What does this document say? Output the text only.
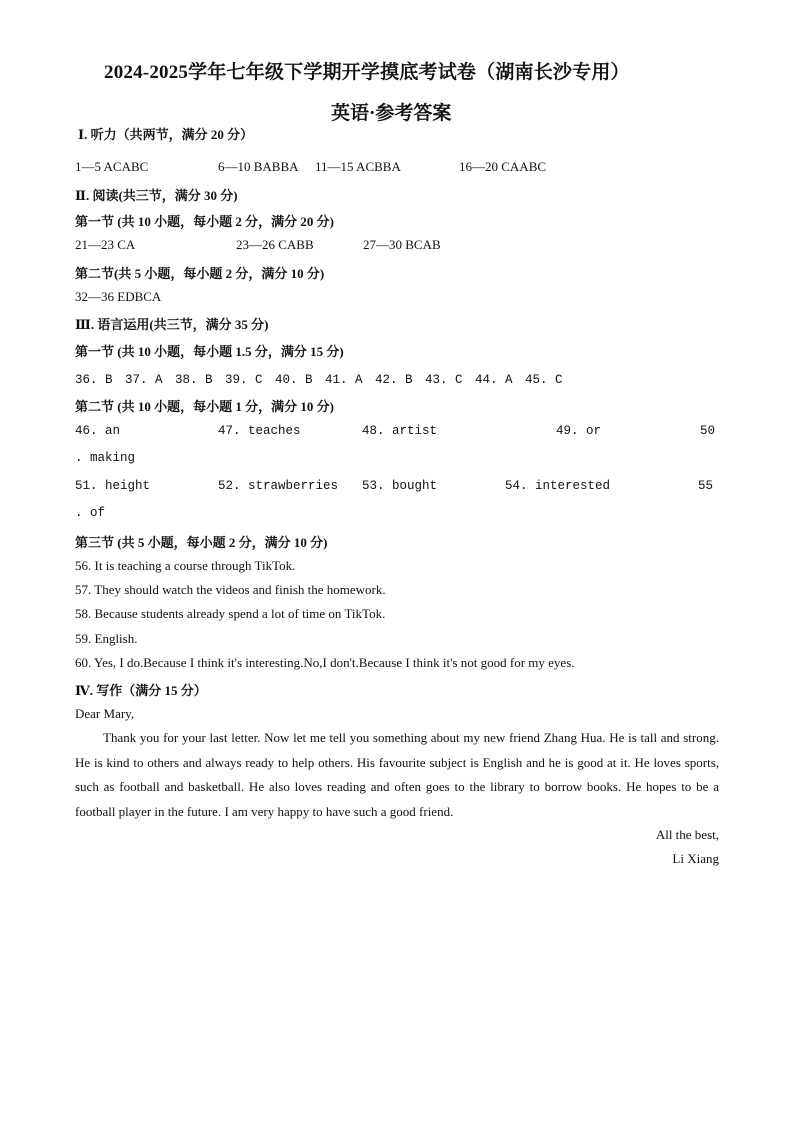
2024-2025学年七年级下学期开学摸底考试卷（湖南长沙专用）
英语·参考答案
Ⅰ. 听力（共两节，满分 20 分）
1—5 ACABC	6—10 BABBA 11—15 ACBBA	16—20 CAABC
Ⅱ. 阅读(共三节，满分 30 分)
第一节 (共 10 小题，每小题 2 分，满分 20 分)
21—23 CA	23—26 CABB	27—30 BCAB
第二节(共 5 小题，每小题 2 分，满分 10 分)
32—36 EDBCA
Ⅲ. 语言运用(共三节，满分 35 分)
第一节 (共 10 小题，每小题 1.5 分，满分 15 分)
36. B　37. A　38. B　39. C　40. B　41. A　42. B　43. C　44. A　45. C
第二节 (共 10 小题，每小题 1 分，满分 10 分)
46. an	47. teaches	48. artist	49. or	50
. making
51. height	52. strawberries 53. bought	54. interested	55
. of
第三节 (共 5 小题，每小题 2 分，满分 10 分)
56. It is teaching a course through TikTok.
57. They should watch the videos and finish the homework.
58. Because students already spend a lot of time on TikTok.
59. English.
60. Yes, I do.Because I think it's interesting.No,I don't.Because I think it's not good for my eyes.
Ⅳ. 写作（满分 15 分）
Dear Mary,
Thank you for your last letter. Now let me tell you something about my new friend Zhang Hua. He is tall and strong. He is kind to others and always ready to help others. His favourite subject is English and he is good at it. He loves sports, such as football and basketball. He also loves reading and often goes to the library to borrow books. He hopes to be a football player in the future. I am very happy to have such a good friend.
All the best,
Li Xiang
